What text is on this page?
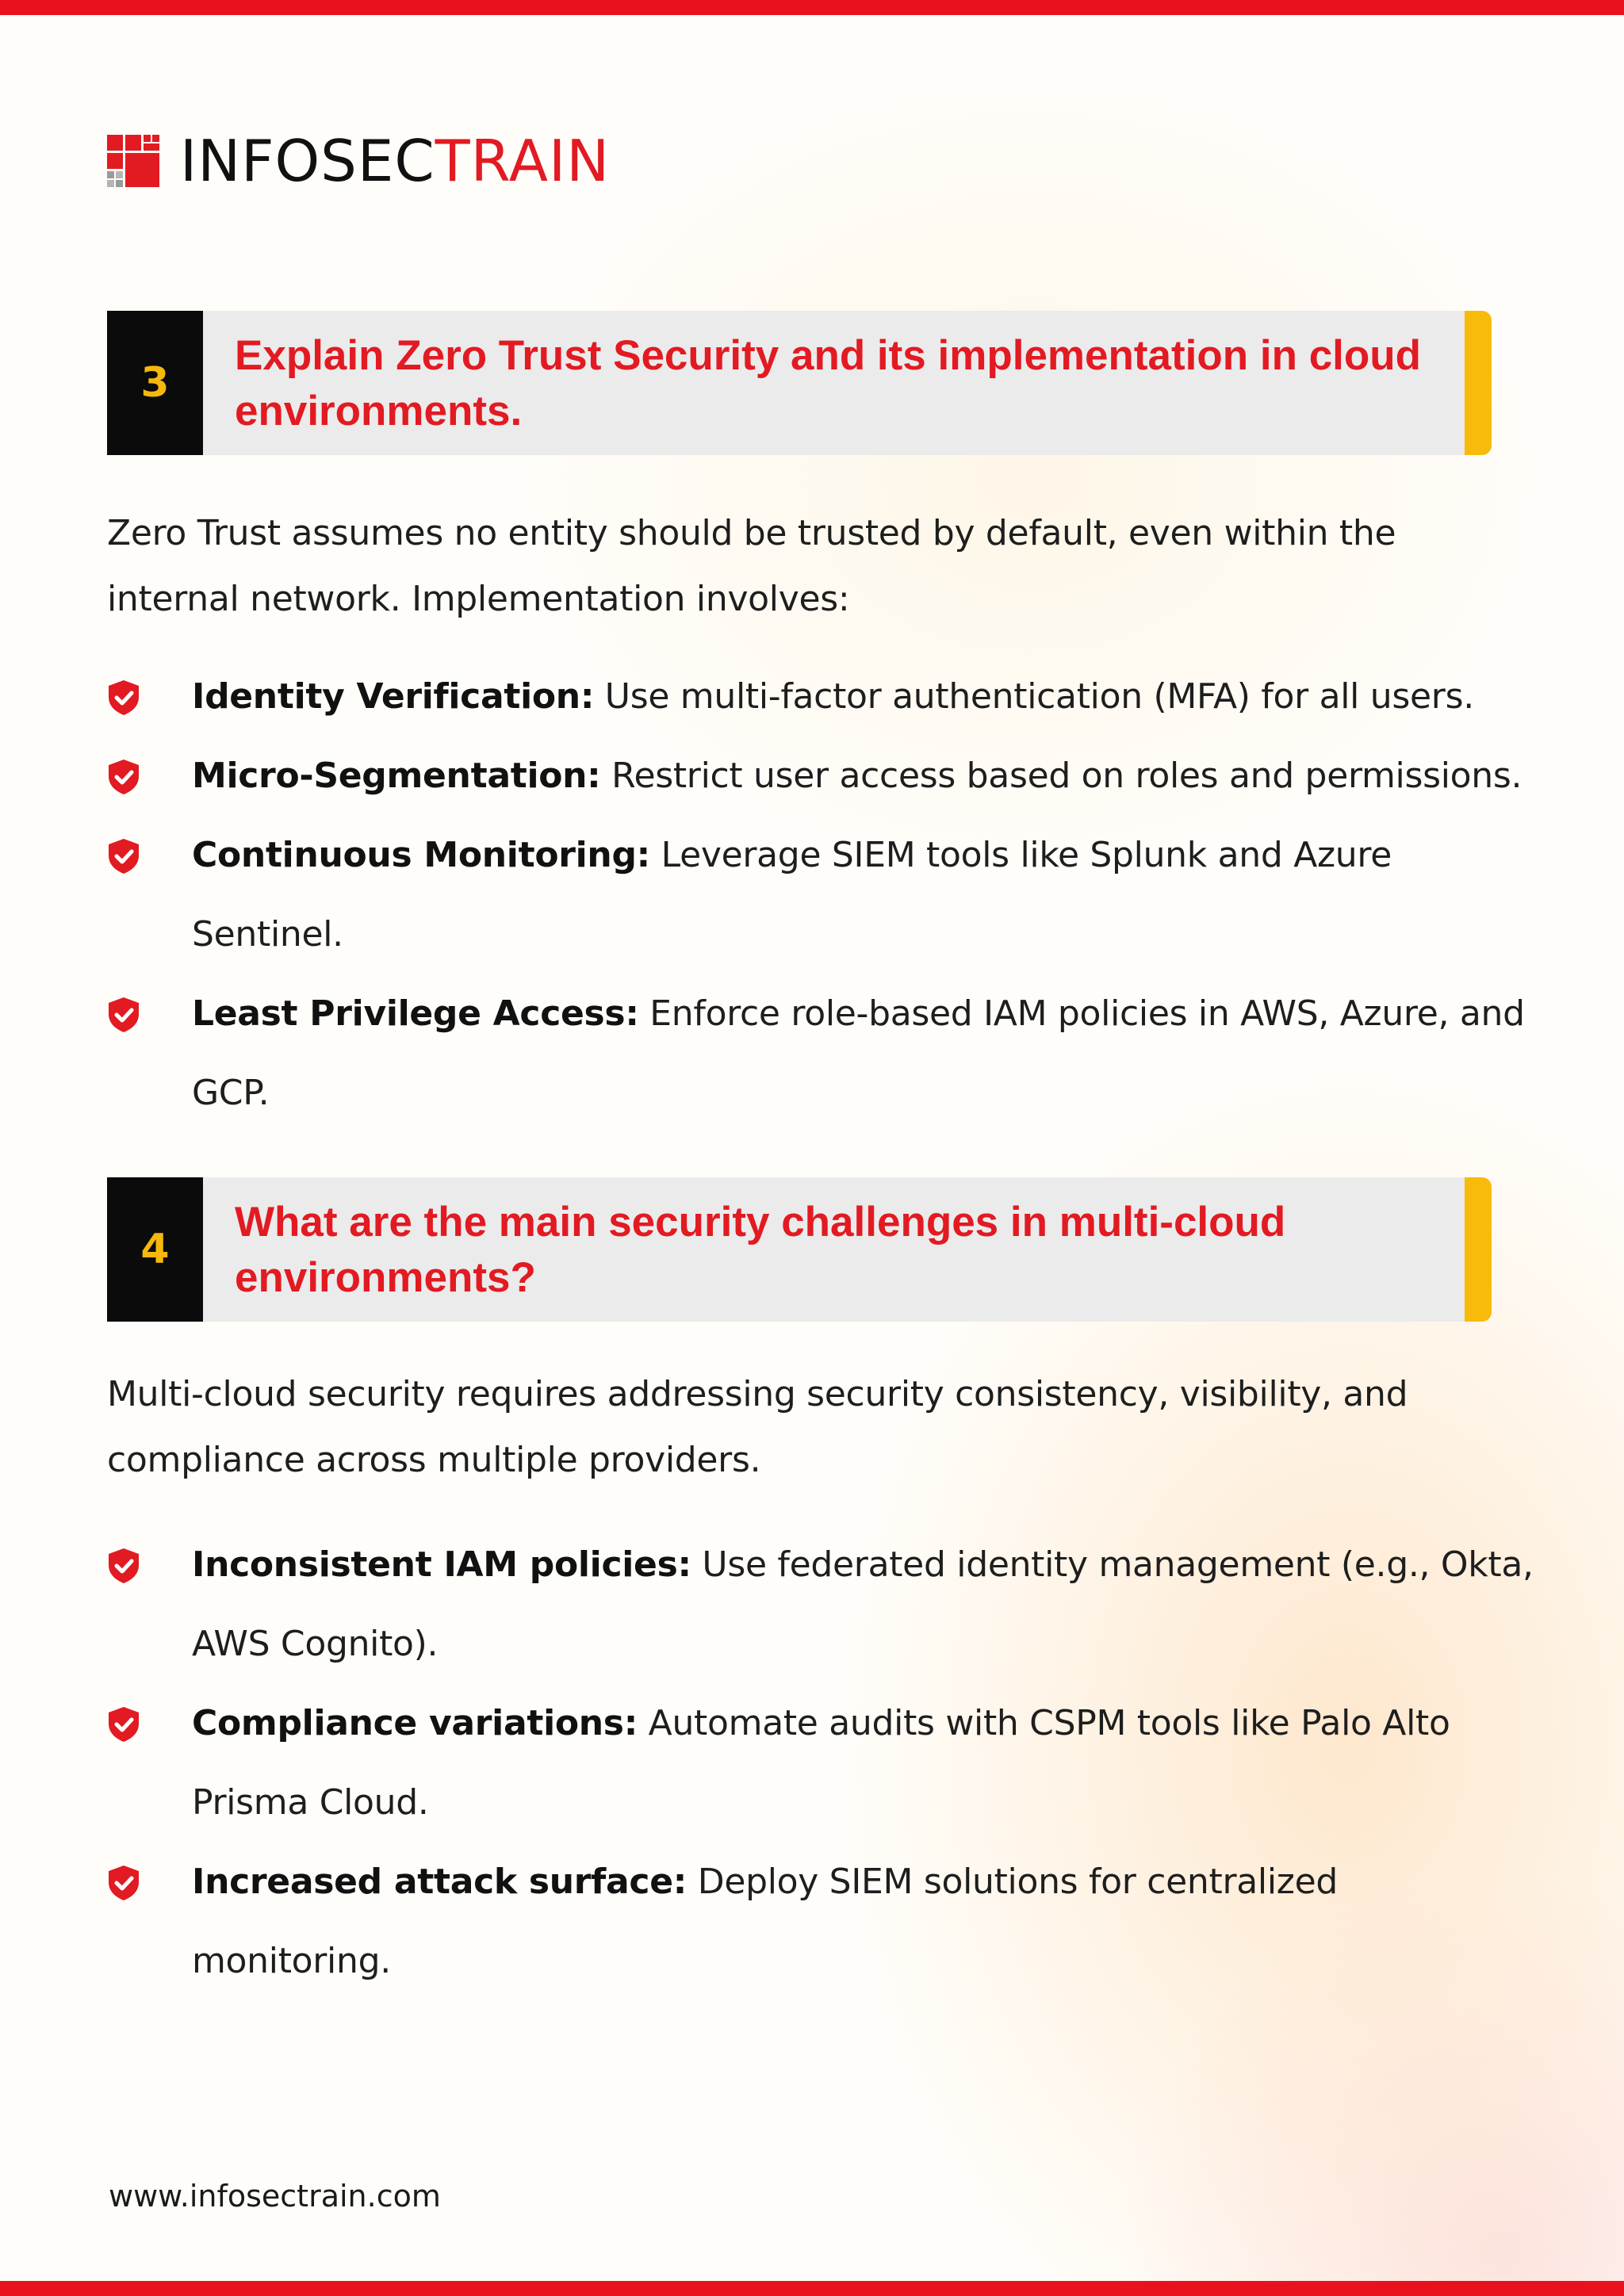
INFOSECTRAIN
3
Explain Zero Trust Security and its implementation in cloud environments.
Zero Trust assumes no entity should be trusted by default, even within the internal network. Implementation involves:
Identity Verification: Use multi-factor authentication (MFA) for all users.
Micro-Segmentation: Restrict user access based on roles and permissions.
Continuous Monitoring: Leverage SIEM tools like Splunk and Azure Sentinel.
Least Privilege Access: Enforce role-based IAM policies in AWS, Azure, and GCP.
4
What are the main security challenges in multi-cloud environments?
Multi-cloud security requires addressing security consistency, visibility, and compliance across multiple providers.
Inconsistent IAM policies: Use federated identity management (e.g., Okta, AWS Cognito).
Compliance variations: Automate audits with CSPM tools like Palo Alto Prisma Cloud.
Increased attack surface: Deploy SIEM solutions for centralized monitoring.
www.infosectrain.com
